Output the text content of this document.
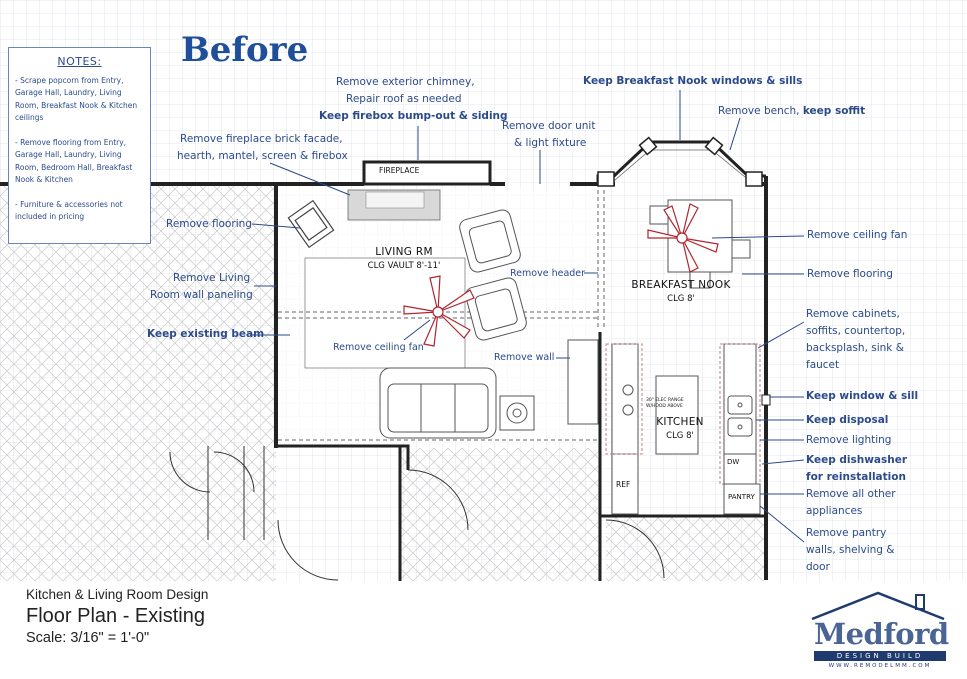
Before
NOTES:
- Scrape popcorn from Entry, Garage Hall, Laundry, Living Room, Breakfast Nook & Kitchen ceilings
- Remove flooring from Entry, Garage Hall, Laundry, Living Room, Bedroom Hall, Breakfast Nook & Kitchen
- Furniture & accessories not included in pricing
Remove exterior chimney,
Repair roof as needed
Keep firebox bump-out & siding
Remove fireplace brick facade,
hearth, mantel, screen & firebox
Remove door unit
& light fixture
Keep Breakfast Nook windows & sills
Remove bench, keep soffit
Remove flooring
Remove Living
Room wall paneling
Keep existing beam
Remove ceiling fan
Remove header
Remove wall
Remove ceiling fan
Remove flooring
Remove cabinets,
soffits, countertop,
backsplash, sink &
faucet
Keep window & sill
Keep disposal
Remove lighting
Keep dishwasher
for reinstallation
Remove all other
appliances
Remove pantry
walls, shelving &
door
LIVING RM
CLG VAULT 8'-11'
BREAKFAST NOOK
CLG 8'
KITCHEN
CLG 8'
FIREPLACE
PANTRY
REF
DW
30" ELEC RANGE W/HOOD ABOVE
Kitchen & Living Room Design
Floor Plan - Existing
Scale: 3/16" = 1'-0"	Medford
DESIGN BUILD
WWW.REMODELMM.COM
